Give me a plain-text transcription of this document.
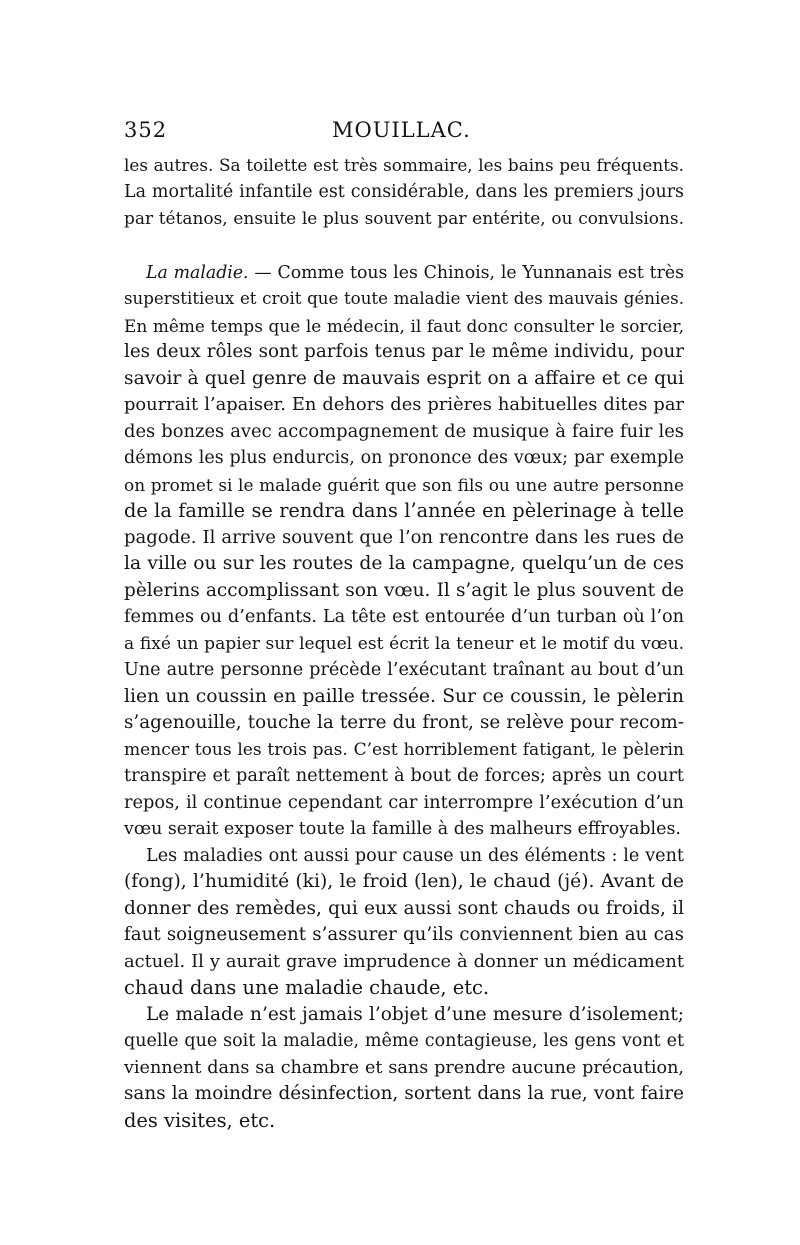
352	MOUILLAC.
les autres. Sa toilette est très sommaire, les bains peu fréquents.
La mortalité infantile est considérable, dans les premiers jours
par tétanos, ensuite le plus souvent par entérite, ou convulsions.
La maladie. — Comme tous les Chinois, le Yunnanais est très
superstitieux et croit que toute maladie vient des mauvais génies.
En même temps que le médecin, il faut donc consulter le sorcier,
les deux rôles sont parfois tenus par le même individu, pour
savoir à quel genre de mauvais esprit on a affaire et ce qui
pourrait l’apaiser. En dehors des prières habituelles dites par
des bonzes avec accompagnement de musique à faire fuir les
démons les plus endurcis, on prononce des vœux; par exemple
on promet si le malade guérit que son fils ou une autre personne
de la famille se rendra dans l’année en pèlerinage à telle
pagode. Il arrive souvent que l’on rencontre dans les rues de
la ville ou sur les routes de la campagne, quelqu’un de ces
pèlerins accomplissant son vœu. Il s’agit le plus souvent de
femmes ou d’enfants. La tête est entourée d’un turban où l’on
a fixé un papier sur lequel est écrit la teneur et le motif du vœu.
Une autre personne précède l’exécutant traînant au bout d’un
lien un coussin en paille tressée. Sur ce coussin, le pèlerin
s’agenouille, touche la terre du front, se relève pour recom-
mencer tous les trois pas. C’est horriblement fatigant, le pèlerin
transpire et paraît nettement à bout de forces; après un court
repos, il continue cependant car interrompre l’exécution d’un
vœu serait exposer toute la famille à des malheurs effroyables.
Les maladies ont aussi pour cause un des éléments : le vent
(fong), l’humidité (ki), le froid (len), le chaud (jé). Avant de
donner des remèdes, qui eux aussi sont chauds ou froids, il
faut soigneusement s’assurer qu’ils conviennent bien au cas
actuel. Il y aurait grave imprudence à donner un médicament
chaud dans une maladie chaude, etc.
Le malade n’est jamais l’objet d’une mesure d’isolement;
quelle que soit la maladie, même contagieuse, les gens vont et
viennent dans sa chambre et sans prendre aucune précaution,
sans la moindre désinfection, sortent dans la rue, vont faire
des visites, etc.
